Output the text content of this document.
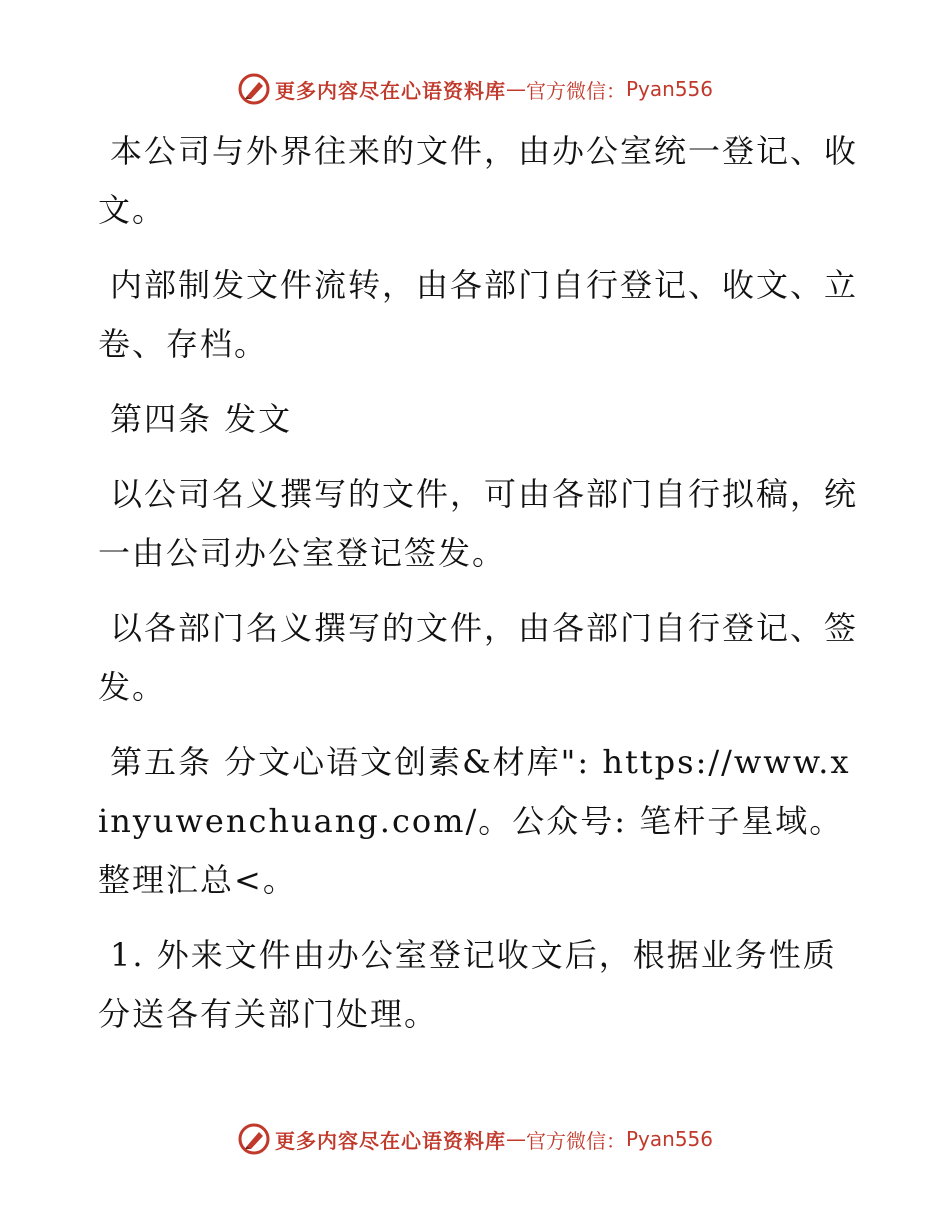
更多内容尽在心语资料库 — 官方微信： Pyan556

本公司与外界往来的文件，由办公室统一登记、收文。

内部制发文件流转，由各部门自行登记、收文、立卷、存档。

第四条 发文

以公司名义撰写的文件，可由各部门自行拟稿，统一由公司办公室登记签发。

以各部门名义撰写的文件，由各部门自行登记、签发。

第五条 分文心语文创素&材库": https://www.xinyuwenchuang.com/。公众号: 笔杆子星域。整理汇总<。

1. 外来文件由办公室登记收文后，根据业务性质分送各有关部门处理。

更多内容尽在心语资料库 — 官方微信： Pyan556
